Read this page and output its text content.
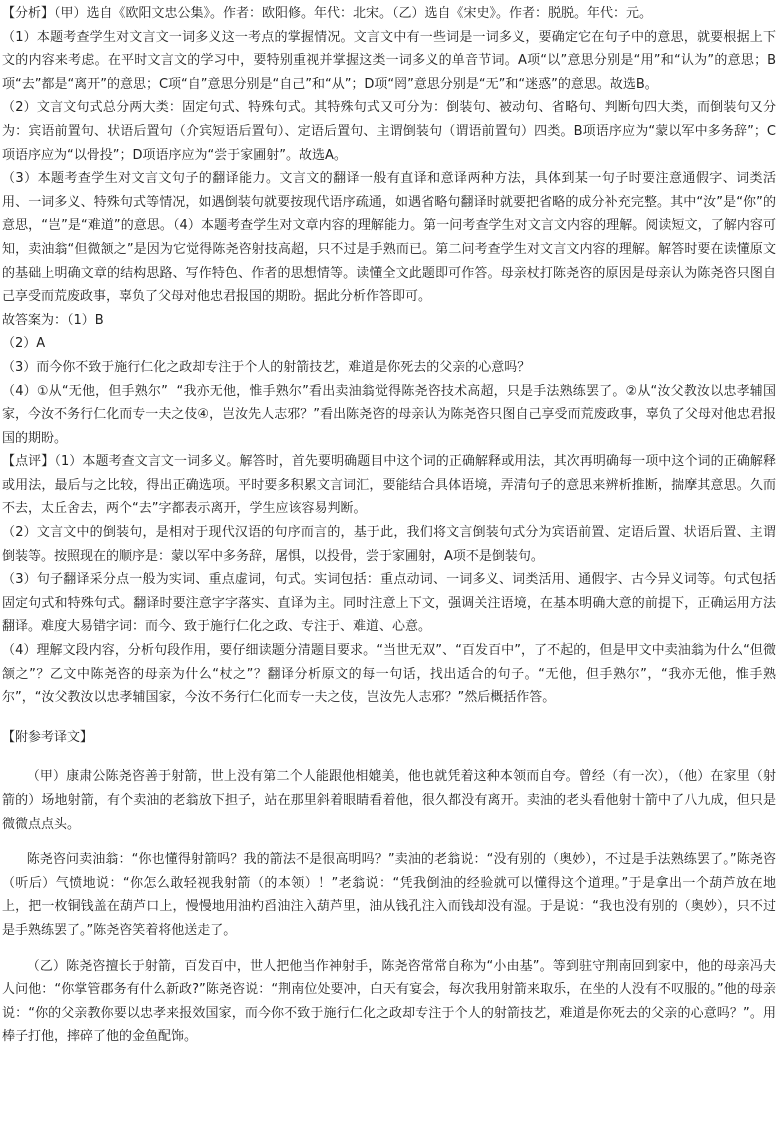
【分析】（甲）选自《欧阳文忠公集》。作者：欧阳修。年代：北宋。（乙）选自《宋史》。作者：脱脱。年代：元。

（1）本题考查学生对文言文一词多义这一考点的掌握情况。文言文中有一些词是一词多义，要确定它在句子中的意思，就要根据上下文的内容来考虑。在平时文言文的学习中，要特别重视并掌握这类一词多义的单音节词。A项“以”意思分别是“用”和“认为”的意思；B项“去”都是“离开”的意思；C项“自”意思分别是“自己”和“从”；D项“罔”意思分别是“无”和“迷惑”的意思。故选B。

（2）文言文句式总分两大类：固定句式、特殊句式。其特殊句式又可分为：倒装句、被动句、省略句、判断句四大类，而倒装句又分为：宾语前置句、状语后置句（介宾短语后置句）、定语后置句、主谓倒装句（谓语前置句）四类。B项语序应为“蒙以军中多务辞”；C项语序应为“以骨投”；D项语序应为“尝于家圃射”。故选A。

（3）本题考查学生对文言文句子的翻译能力。文言文的翻译一般有直译和意译两种方法，具体到某一句子时要注意通假字、词类活用、一词多义、特殊句式等情况，如遇倒装句就要按现代语序疏通，如遇省略句翻译时就要把省略的成分补充完整。其中“汝”是“你”的意思，“岂”是“难道”的意思。（4）本题考查学生对文章内容的理解能力。第一问考查学生对文言文内容的理解。阅读短文，了解内容可知，卖油翁“但微颔之”是因为它觉得陈尧咨射技高超，只不过是手熟而已。第二问考查学生对文言文内容的理解。解答时要在读懂原文的基础上明确文章的结构思路、写作特色、作者的思想情等。读懂全文此题即可作答。母亲杖打陈尧咨的原因是母亲认为陈尧咨只图自己享受而荒废政事，辜负了父母对他忠君报国的期盼。据此分析作答即可。

故答案为：（1）B

（2）A

（3）而今你不致于施行仁化之政却专注于个人的射箭技艺，难道是你死去的父亲的心意吗？

（4）①从“无他，但手熟尔”  “我亦无他，惟手熟尔”看出卖油翁觉得陈尧咨技术高超，只是手法熟练罢了。②从“汝父教汝以忠孝辅国家，今汝不务行仁化而专一夫之伎④，岂汝先人志邪？”看出陈尧咨的母亲认为陈尧咨只图自己享受而荒废政事，辜负了父母对他忠君报国的期盼。

【点评】（1）本题考查文言文一词多义。解答时，首先要明确题目中这个词的正确解释或用法，其次再明确每一项中这个词的正确解释或用法，最后与之比较，得出正确选项。平时要多积累文言词汇，要能结合具体语境，弄清句子的意思来辨析推断，揣摩其意思。久而不去，太丘舍去，两个“去”字都表示离开，学生应该容易判断。

（2）文言文中的倒装句，是相对于现代汉语的句序而言的，基于此，我们将文言倒装句式分为宾语前置、定语后置、状语后置、主谓倒装等。按照现在的顺序是：蒙以军中多务辞，屠惧，以投骨，尝于家圃射，A项不是倒装句。

（3）句子翻译采分点一般为实词、重点虚词，句式。实词包括：重点动词、一词多义、词类活用、通假字、古今异义词等。句式包括固定句式和特殊句式。翻译时要注意字字落实、直译为主。同时注意上下文，强调关注语境，在基本明确大意的前提下，正确运用方法翻译。难度大易错字词：而今、致于施行仁化之政、专注于、难道、心意。

（4）理解文段内容，分析句段作用，要仔细读题分清题目要求。“当世无双”、“百发百中”，了不起的，但是甲文中卖油翁为什么“但微颔之”？乙文中陈尧咨的母亲为什么“杖之”？翻译分析原文的每一句话，找出适合的句子。“无他，但手熟尔”，“我亦无他，惟手熟尔”，“汝父教汝以忠孝辅国家，今汝不务行仁化而专一夫之伎，岂汝先人志邪？”然后概括作答。

【附参考译文】

（甲）康肃公陈尧咨善于射箭，世上没有第二个人能跟他相媲美，他也就凭着这种本领而自夸。曾经（有一次），（他）在家里（射箭的）场地射箭，有个卖油的老翁放下担子，站在那里斜着眼睛看着他，很久都没有离开。卖油的老头看他射十箭中了八九成，但只是微微点点头。

陈尧咨问卖油翁：“你也懂得射箭吗？我的箭法不是很高明吗？”卖油的老翁说：“没有别的（奥妙），不过是手法熟练罢了。”陈尧咨（听后）气愤地说：“你怎么敢轻视我射箭（的本领）！”老翁说：“凭我倒油的经验就可以懂得这个道理。”于是拿出一个葫芦放在地上，把一枚铜钱盖在葫芦口上，慢慢地用油杓舀油注入葫芦里，油从钱孔注入而钱却没有湿。于是说：“我也没有别的（奥妙），只不过是手熟练罢了。”陈尧咨笑着将他送走了。

（乙）陈尧咨擅长于射箭，百发百中，世人把他当作神射手，陈尧咨常常自称为“小由基”。等到驻守荆南回到家中，他的母亲冯夫人问他：“你掌管郡务有什么新政?”陈尧咨说：“荆南位处要冲，白天有宴会，每次我用射箭来取乐，在坐的人没有不叹服的。”他的母亲说：“你的父亲教你要以忠孝来报效国家，而今你不致于施行仁化之政却专注于个人的射箭技艺，难道是你死去的父亲的心意吗？”。用棒子打他，摔碎了他的金鱼配饰。
